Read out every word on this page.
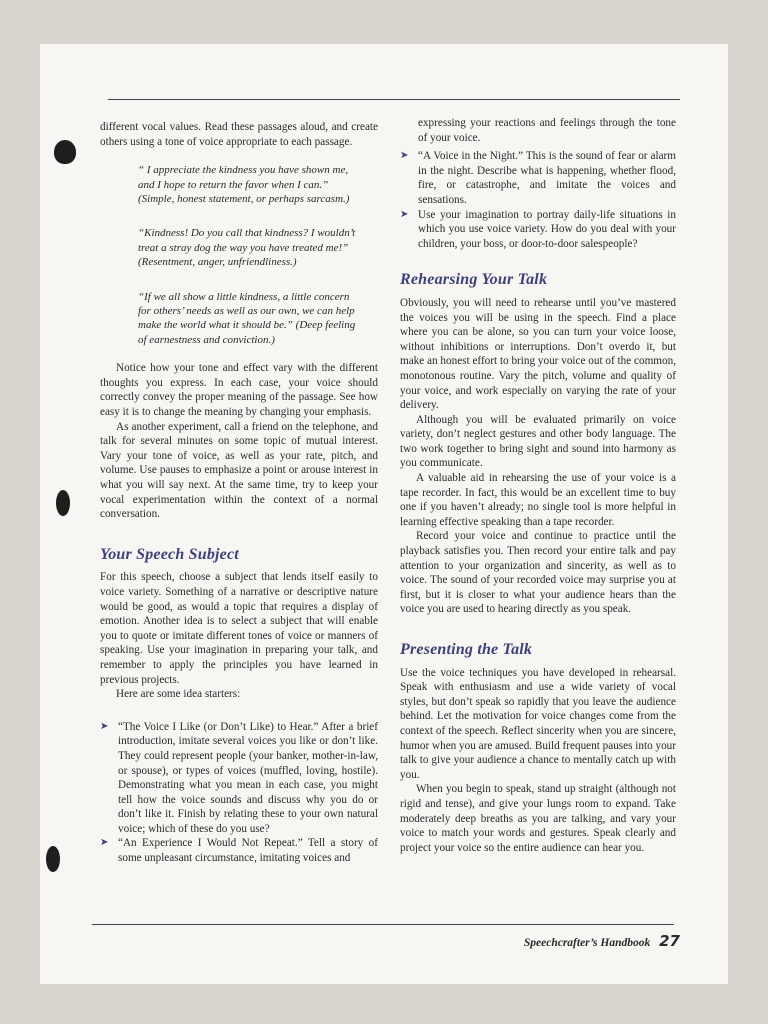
different vocal values. Read these passages aloud, and create others using a tone of voice appropriate to each passage.

“ I appreciate the kindness you have shown me, and I hope to return the favor when I can.” (Simple, honest statement, or perhaps sarcasm.)

“Kindness! Do you call that kindness? I wouldn’t treat a stray dog the way you have treated me!” (Resentment, anger, unfriendliness.)

“If we all show a little kindness, a little concern for others’ needs as well as our own, we can help make the world what it should be.” (Deep feeling of earnestness and conviction.)

Notice how your tone and effect vary with the different thoughts you express. In each case, your voice should correctly convey the proper meaning of the passage. See how easy it is to change the meaning by changing your emphasis.

As another experiment, call a friend on the telephone, and talk for several minutes on some topic of mutual interest. Vary your tone of voice, as well as your rate, pitch, and volume. Use pauses to emphasize a point or arouse interest in what you will say next. At the same time, try to keep your vocal experimentation within the context of a normal conversation.

Your Speech Subject

For this speech, choose a subject that lends itself easily to voice variety. Something of a narrative or descriptive nature would be good, as would a topic that requires a display of emotion. Another idea is to select a subject that will enable you to quote or imitate different tones of voice or manners of speaking. Use your imagination in preparing your talk, and remember to apply the principles you have learned in previous projects.

Here are some idea starters:

➤ “The Voice I Like (or Don’t Like) to Hear.” After a brief introduction, imitate several voices you like or don’t like. They could represent people (your banker, mother-in-law, or spouse), or types of voices (muffled, loving, hostile). Demonstrating what you mean in each case, you might tell how the voice sounds and discuss why you do or don’t like it. Finish by relating these to your own natural voice; which of these do you use?
➤ “An Experience I Would Not Repeat.” Tell a story of some unpleasant circumstance, imitating voices and

expressing your reactions and feelings through the tone of your voice.

➤ “A Voice in the Night.” This is the sound of fear or alarm in the night. Describe what is happening, whether flood, fire, or catastrophe, and imitate the voices and sensations.
➤ Use your imagination to portray daily-life situations in which you use voice variety. How do you deal with your children, your boss, or door-to-door salespeople?
Rehearsing Your Talk

Obviously, you will need to rehearse until you’ve mastered the voices you will be using in the speech. Find a place where you can be alone, so you can turn your voice loose, without inhibitions or interruptions. Don’t overdo it, but make an honest effort to bring your voice out of the common, monotonous routine. Vary the pitch, volume and quality of your voice, and work especially on varying the rate of your delivery.

Although you will be evaluated primarily on voice variety, don’t neglect gestures and other body language. The two work together to bring sight and sound into harmony as you communicate.

A valuable aid in rehearsing the use of your voice is a tape recorder. In fact, this would be an excellent time to buy one if you haven’t already; no single tool is more helpful in learning effective speaking than a tape recorder.

Record your voice and continue to practice until the playback satisfies you. Then record your entire talk and pay attention to your organization and sincerity, as well as to voice. The sound of your recorded voice may surprise you at first, but it is closer to what your audience hears than the voice you are used to hearing directly as you speak.

Presenting the Talk

Use the voice techniques you have developed in rehearsal. Speak with enthusiasm and use a wide variety of vocal styles, but don’t speak so rapidly that you leave the audience behind. Let the motivation for voice changes come from the context of the speech. Reflect sincerity when you are sincere, humor when you are amused. Build frequent pauses into your talk to give your audience a chance to mentally catch up with you.

When you begin to speak, stand up straight (although not rigid and tense), and give your lungs room to expand. Take moderately deep breaths as you are talking, and vary your voice to match your words and gestures. Speak clearly and project your voice so the entire audience can hear you.

Speechcrafter’s Handbook 27
